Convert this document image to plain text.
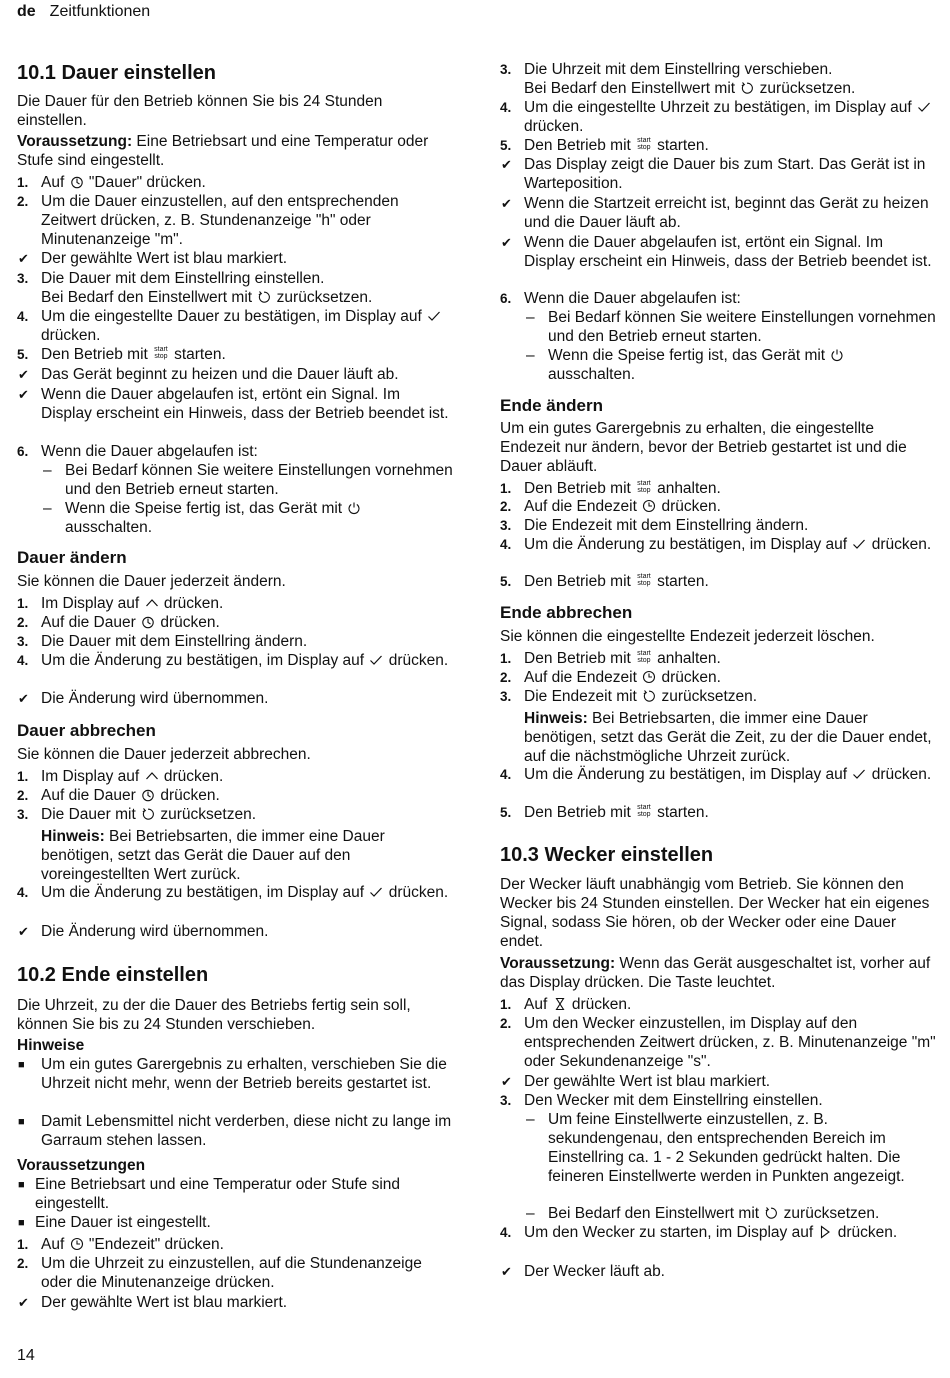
de Zeitfunktionen
10.1 Dauer einstellen
Die Dauer für den Betrieb können Sie bis 24 Stunden einstellen.
Voraussetzung: Eine Betriebsart und eine Temperatur oder Stufe sind eingestellt.
1. Auf
"Dauer" drücken.
2. Um die Dauer einzustellen, auf den entsprechenden Zeitwert drücken, z. B. Stundenanzeige "h" oder Minutenanzeige "m".
✔ Der gewählte Wert ist blau markiert.
3. Die Dauer mit dem Einstellring einstellen.
Bei Bedarf den Einstellwert mit
zurücksetzen.
4. Um die eingestellte Dauer zu bestätigen, im Display auf
drücken.
5. Den Betrieb mit start
stop starten.
✔ Das Gerät beginnt zu heizen und die Dauer läuft ab.
✔ Wenn die Dauer abgelaufen ist, ertönt ein Signal. Im Display erscheint ein Hinweis, dass der Betrieb beendet ist.
6. Wenn die Dauer abgelaufen ist:
– Bei Bedarf können Sie weitere Einstellungen vornehmen und den Betrieb erneut starten.
– Wenn die Speise fertig ist, das Gerät mit
ausschalten.
Dauer ändern
Sie können die Dauer jederzeit ändern.
1. Im Display auf
drücken.
2. Auf die Dauer
drücken.
3. Die Dauer mit dem Einstellring ändern.
4. Um die Änderung zu bestätigen, im Display auf
drücken.
✔ Die Änderung wird übernommen.
Dauer abbrechen
Sie können die Dauer jederzeit abbrechen.
1. Im Display auf
drücken.
2. Auf die Dauer
drücken.
3. Die Dauer mit
zurücksetzen.
Hinweis: Bei Betriebsarten, die immer eine Dauer benötigen, setzt das Gerät die Dauer auf den voreingestellten Wert zurück.
4. Um die Änderung zu bestätigen, im Display auf
drücken.
✔ Die Änderung wird übernommen.
10.2 Ende einstellen
Die Uhrzeit, zu der die Dauer des Betriebs fertig sein soll, können Sie bis zu 24 Stunden verschieben.
Hinweise
■ Um ein gutes Garergebnis zu erhalten, verschieben Sie die Uhrzeit nicht mehr, wenn der Betrieb bereits gestartet ist.
■ Damit Lebensmittel nicht verderben, diese nicht zu lange im Garraum stehen lassen.
Voraussetzungen
■ Eine Betriebsart und eine Temperatur oder Stufe sind eingestellt.
■ Eine Dauer ist eingestellt.
1. Auf
"Endezeit" drücken.
2. Um die Uhrzeit zu einzustellen, auf die Stundenanzeige oder die Minutenanzeige drücken.
✔ Der gewählte Wert ist blau markiert.
3. Die Uhrzeit mit dem Einstellring verschieben.
Bei Bedarf den Einstellwert mit
zurücksetzen.
4. Um die eingestellte Uhrzeit zu bestätigen, im Display auf
drücken.
5. Den Betrieb mit start
stop starten.
✔ Das Display zeigt die Dauer bis zum Start. Das Gerät ist in Warteposition.
✔ Wenn die Startzeit erreicht ist, beginnt das Gerät zu heizen und die Dauer läuft ab.
✔ Wenn die Dauer abgelaufen ist, ertönt ein Signal. Im Display erscheint ein Hinweis, dass der Betrieb beendet ist.
6. Wenn die Dauer abgelaufen ist:
– Bei Bedarf können Sie weitere Einstellungen vornehmen und den Betrieb erneut starten.
– Wenn die Speise fertig ist, das Gerät mit
ausschalten.
Ende ändern
Um ein gutes Garergebnis zu erhalten, die eingestellte Endezeit nur ändern, bevor der Betrieb gestartet ist und die Dauer abläuft.
1. Den Betrieb mit start
stop anhalten.
2. Auf die Endezeit
drücken.
3. Die Endezeit mit dem Einstellring ändern.
4. Um die Änderung zu bestätigen, im Display auf
drücken.
5. Den Betrieb mit start
stop starten.
Ende abbrechen
Sie können die eingestellte Endezeit jederzeit löschen.
1. Den Betrieb mit start
stop anhalten.
2. Auf die Endezeit
drücken.
3. Die Endezeit mit
zurücksetzen.
Hinweis: Bei Betriebsarten, die immer eine Dauer benötigen, setzt das Gerät die Zeit, zu der die Dauer endet, auf die nächstmögliche Uhrzeit zurück.
4. Um die Änderung zu bestätigen, im Display auf
drücken.
5. Den Betrieb mit start
stop starten.
10.3 Wecker einstellen
Der Wecker läuft unabhängig vom Betrieb. Sie können den Wecker bis 24 Stunden einstellen. Der Wecker hat ein eigenes Signal, sodass Sie hören, ob der Wecker oder eine Dauer endet.
Voraussetzung: Wenn das Gerät ausgeschaltet ist, vorher auf das Display drücken. Die Taste leuchtet.
1. Auf
drücken.
2. Um den Wecker einzustellen, im Display auf den entsprechenden Zeitwert drücken, z. B. Minutenanzeige "m" oder Sekundenanzeige "s".
✔ Der gewählte Wert ist blau markiert.
3. Den Wecker mit dem Einstellring einstellen.
– Um feine Einstellwerte einzustellen, z. B. sekundengenau, den entsprechenden Bereich im Einstellring ca. 1 - 2 Sekunden gedrückt halten. Die feineren Einstellwerte werden in Punkten angezeigt.
– Bei Bedarf den Einstellwert mit
zurücksetzen.
4. Um den Wecker zu starten, im Display auf
drücken.
✔ Der Wecker läuft ab.
14
